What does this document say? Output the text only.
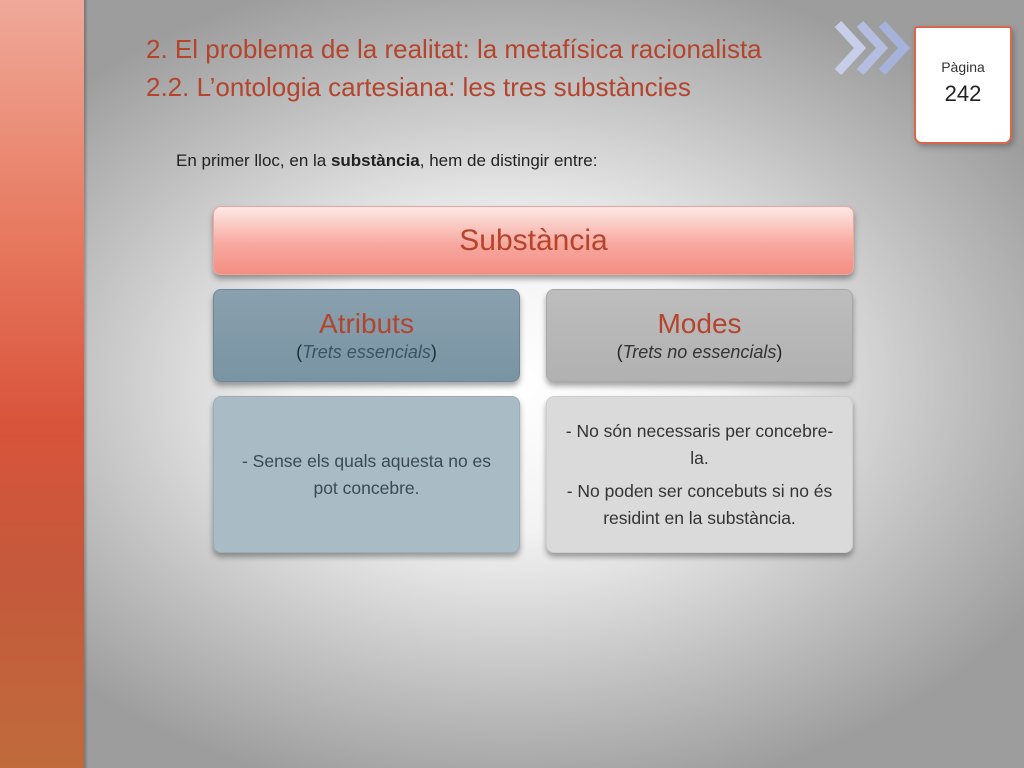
2. El problema de la realitat: la metafísica racionalista
2.2. L’ontologia cartesiana: les tres substàncies
Pàgina
242
En primer lloc, en la substància, hem de distingir entre:
Substància
Atributs
(Trets essencials)
Modes
(Trets no essencials)

- Sense els quals aquesta no es pot concebre.

- No són necessaris per concebre-la.

- No poden ser concebuts si no és residint en la substància.
